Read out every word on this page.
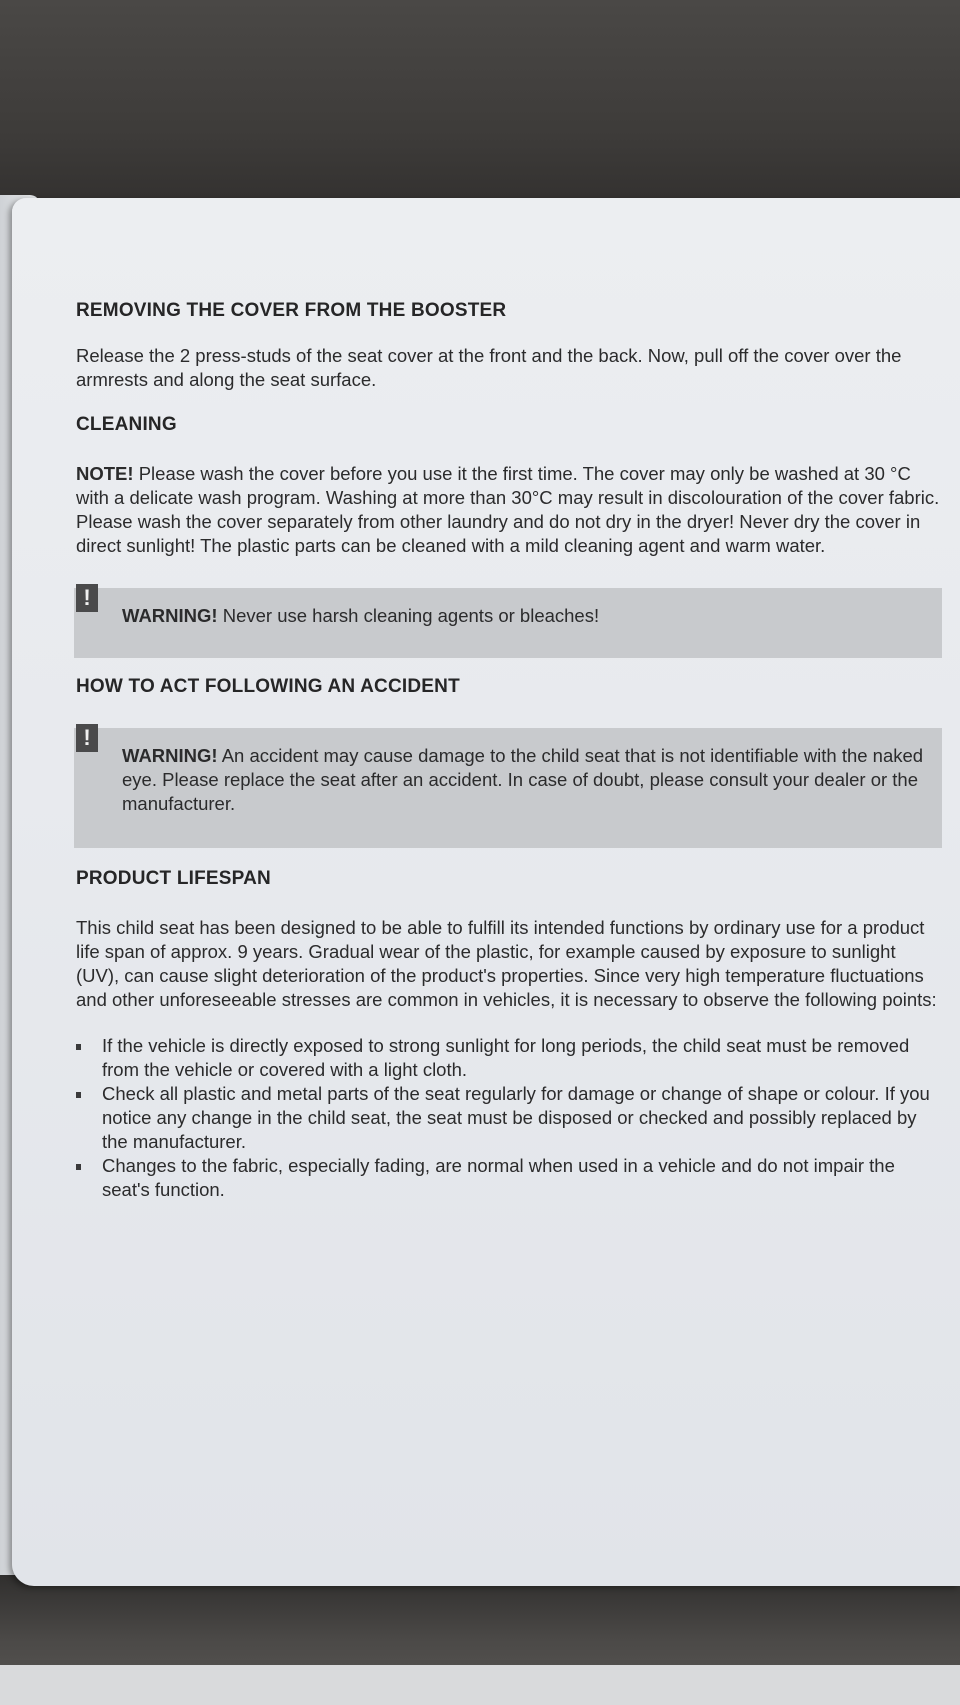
REMOVING THE COVER FROM THE BOOSTER

Release the 2 press-studs of the seat cover at the front and the back. Now, pull off the cover over the armrests and along the seat surface.

CLEANING

NOTE! Please wash the cover before you use it the first time. The cover may only be washed at 30 °C with a delicate wash program. Washing at more than 30°C may result in discolouration of the cover fabric. Please wash the cover separately from other laundry and do not dry in the dryer! Never dry the cover in direct sunlight! The plastic parts can be cleaned with a mild cleaning agent and warm water.

!
WARNING! Never use harsh cleaning agents or bleaches!
HOW TO ACT FOLLOWING AN ACCIDENT
!
WARNING! An accident may cause damage to the child seat that is not identifiable with the naked eye. Please replace the seat after an accident. In case of doubt, please consult your dealer or the manufacturer.
PRODUCT LIFESPAN

This child seat has been designed to be able to fulfill its intended functions by ordinary use for a product life span of approx. 9 years. Gradual wear of the plastic, for example caused by exposure to sunlight (UV), can cause slight deterioration of the product's properties. Since very high temperature fluctuations and other unforeseeable stresses are common in vehicles, it is necessary to observe the following points:

If the vehicle is directly exposed to strong sunlight for long periods, the child seat must be removed from the vehicle or covered with a light cloth.
Check all plastic and metal parts of the seat regularly for damage or change of shape or colour. If you notice any change in the child seat, the seat must be disposed or checked and possibly replaced by the manufacturer.
Changes to the fabric, especially fading, are normal when used in a vehicle and do not impair the seat's function.
